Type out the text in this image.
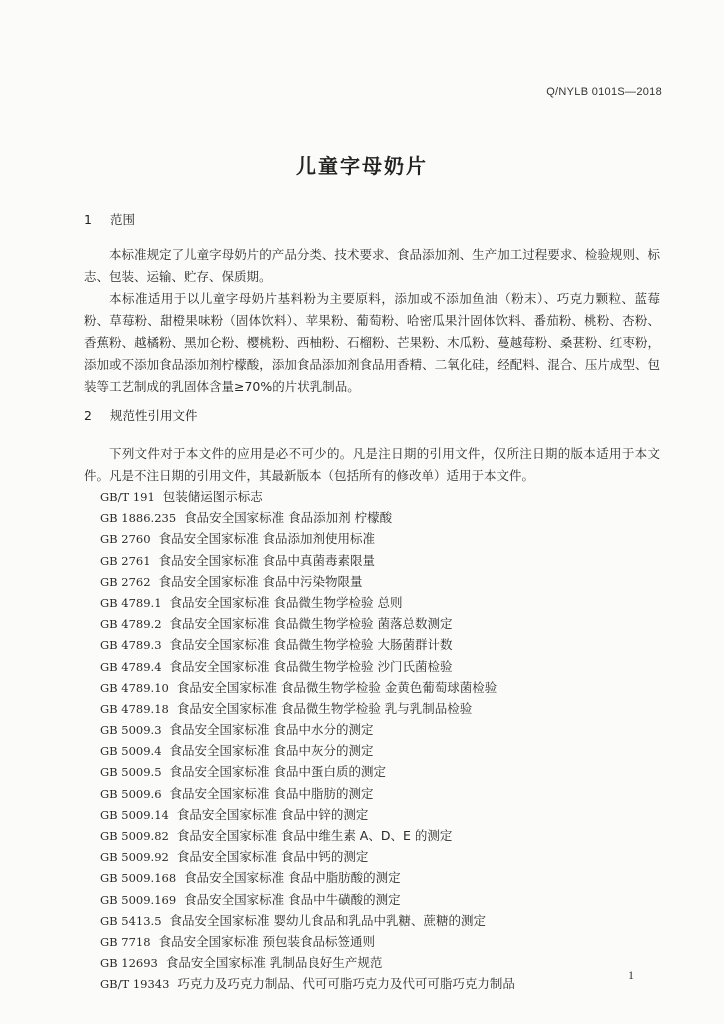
Q/NYLB 0101S—2018
儿童字母奶片
1 范围

本标准规定了儿童字母奶片的产品分类、技术要求、食品添加剂、生产加工过程要求、检验规则、标志、包装、运输、贮存、保质期。

本标准适用于以儿童字母奶片基料粉为主要原料，添加或不添加鱼油（粉末）、巧克力颗粒、蓝莓粉、草莓粉、甜橙果味粉（固体饮料）、苹果粉、葡萄粉、哈密瓜果汁固体饮料、番茄粉、桃粉、杏粉、香蕉粉、越橘粉、黑加仑粉、樱桃粉、西柚粉、石榴粉、芒果粉、木瓜粉、蔓越莓粉、桑葚粉、红枣粉，添加或不添加食品添加剂柠檬酸，添加食品添加剂食品用香精、二氧化硅，经配料、混合、压片成型、包装等工艺制成的乳固体含量≥70%的片状乳制品。

2 规范性引用文件

下列文件对于本文件的应用是必不可少的。凡是注日期的引用文件，仅所注日期的版本适用于本文件。凡是不注日期的引用文件，其最新版本（包括所有的修改单）适用于本文件。

GB/T 191 包装储运图示标志
GB 1886.235 食品安全国家标准 食品添加剂 柠檬酸
GB 2760 食品安全国家标准 食品添加剂使用标准
GB 2761 食品安全国家标准 食品中真菌毒素限量
GB 2762 食品安全国家标准 食品中污染物限量
GB 4789.1 食品安全国家标准 食品微生物学检验 总则
GB 4789.2 食品安全国家标准 食品微生物学检验 菌落总数测定
GB 4789.3 食品安全国家标准 食品微生物学检验 大肠菌群计数
GB 4789.4 食品安全国家标准 食品微生物学检验 沙门氏菌检验
GB 4789.10 食品安全国家标准 食品微生物学检验 金黄色葡萄球菌检验
GB 4789.18 食品安全国家标准 食品微生物学检验 乳与乳制品检验
GB 5009.3 食品安全国家标准 食品中水分的测定
GB 5009.4 食品安全国家标准 食品中灰分的测定
GB 5009.5 食品安全国家标准 食品中蛋白质的测定
GB 5009.6 食品安全国家标准 食品中脂肪的测定
GB 5009.14 食品安全国家标准 食品中锌的测定
GB 5009.82 食品安全国家标准 食品中维生素 A、D、E 的测定
GB 5009.92 食品安全国家标准 食品中钙的测定
GB 5009.168 食品安全国家标准 食品中脂肪酸的测定
GB 5009.169 食品安全国家标准 食品中牛磺酸的测定
GB 5413.5 食品安全国家标准 婴幼儿食品和乳品中乳糖、蔗糖的测定
GB 7718 食品安全国家标准 预包装食品标签通则
GB 12693 食品安全国家标准 乳制品良好生产规范
GB/T 19343 巧克力及巧克力制品、代可可脂巧克力及代可可脂巧克力制品
1
